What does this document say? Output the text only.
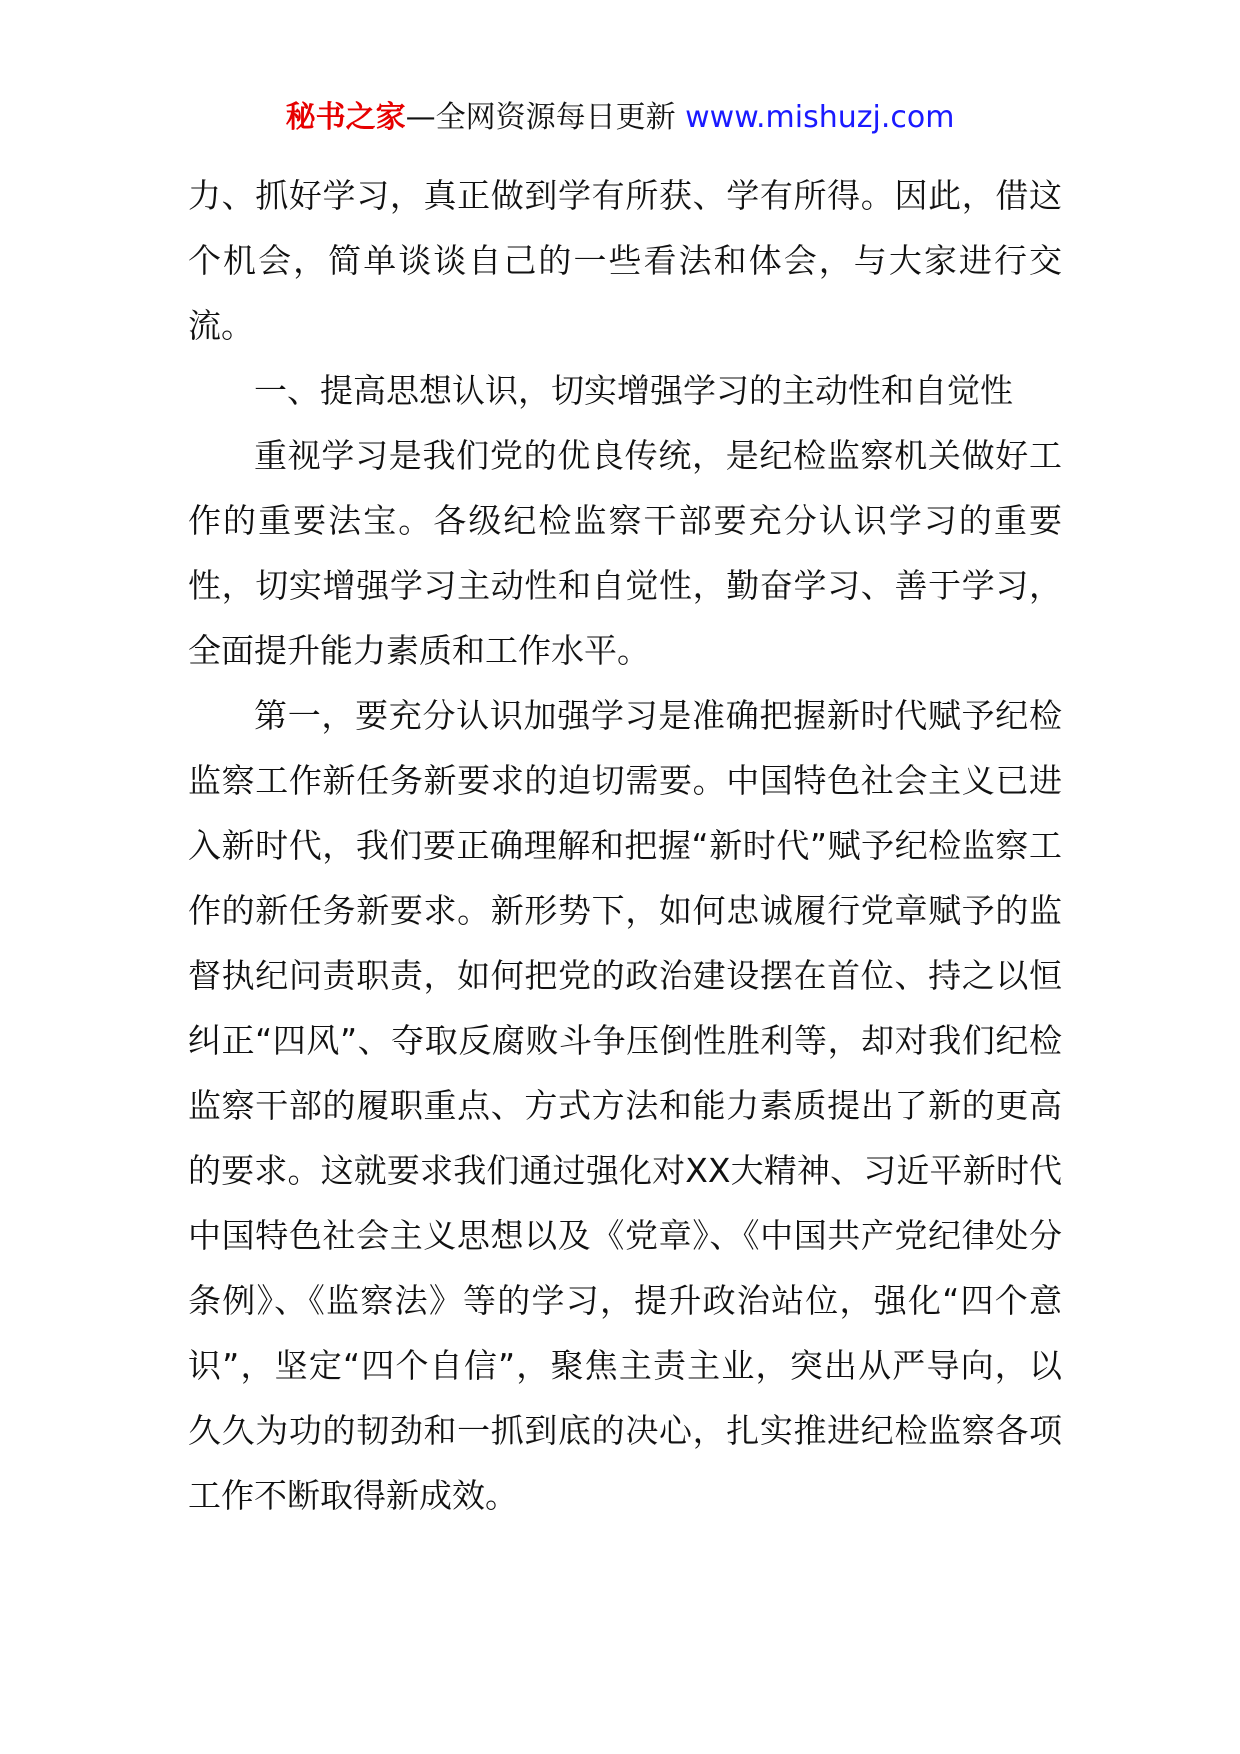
秘书之家—全网资源每日更新 www.mishuzj.com

力、抓好学习，真正做到学有所获、学有所得。因此，借这个机会，简单谈谈自己的一些看法和体会，与大家进行交流。

一、提高思想认识，切实增强学习的主动性和自觉性

重视学习是我们党的优良传统，是纪检监察机关做好工作的重要法宝。各级纪检监察干部要充分认识学习的重要性，切实增强学习主动性和自觉性，勤奋学习、善于学习，全面提升能力素质和工作水平。

第一，要充分认识加强学习是准确把握新时代赋予纪检监察工作新任务新要求的迫切需要。中国特色社会主义已进入新时代，我们要正确理解和把握“新时代”赋予纪检监察工作的新任务新要求。新形势下，如何忠诚履行党章赋予的监督执纪问责职责，如何把党的政治建设摆在首位、持之以恒纠正“四风”、夺取反腐败斗争压倒性胜利等，却对我们纪检监察干部的履职重点、方式方法和能力素质提出了新的更高的要求。这就要求我们通过强化对XX大精神、习近平新时代中国特色社会主义思想以及《党章》、《中国共产党纪律处分条例》、《监察法》等的学习，提升政治站位，强化“四个意识”，坚定“四个自信”，聚焦主责主业，突出从严导向，以久久为功的韧劲和一抓到底的决心，扎实推进纪检监察各项工作不断取得新成效。
